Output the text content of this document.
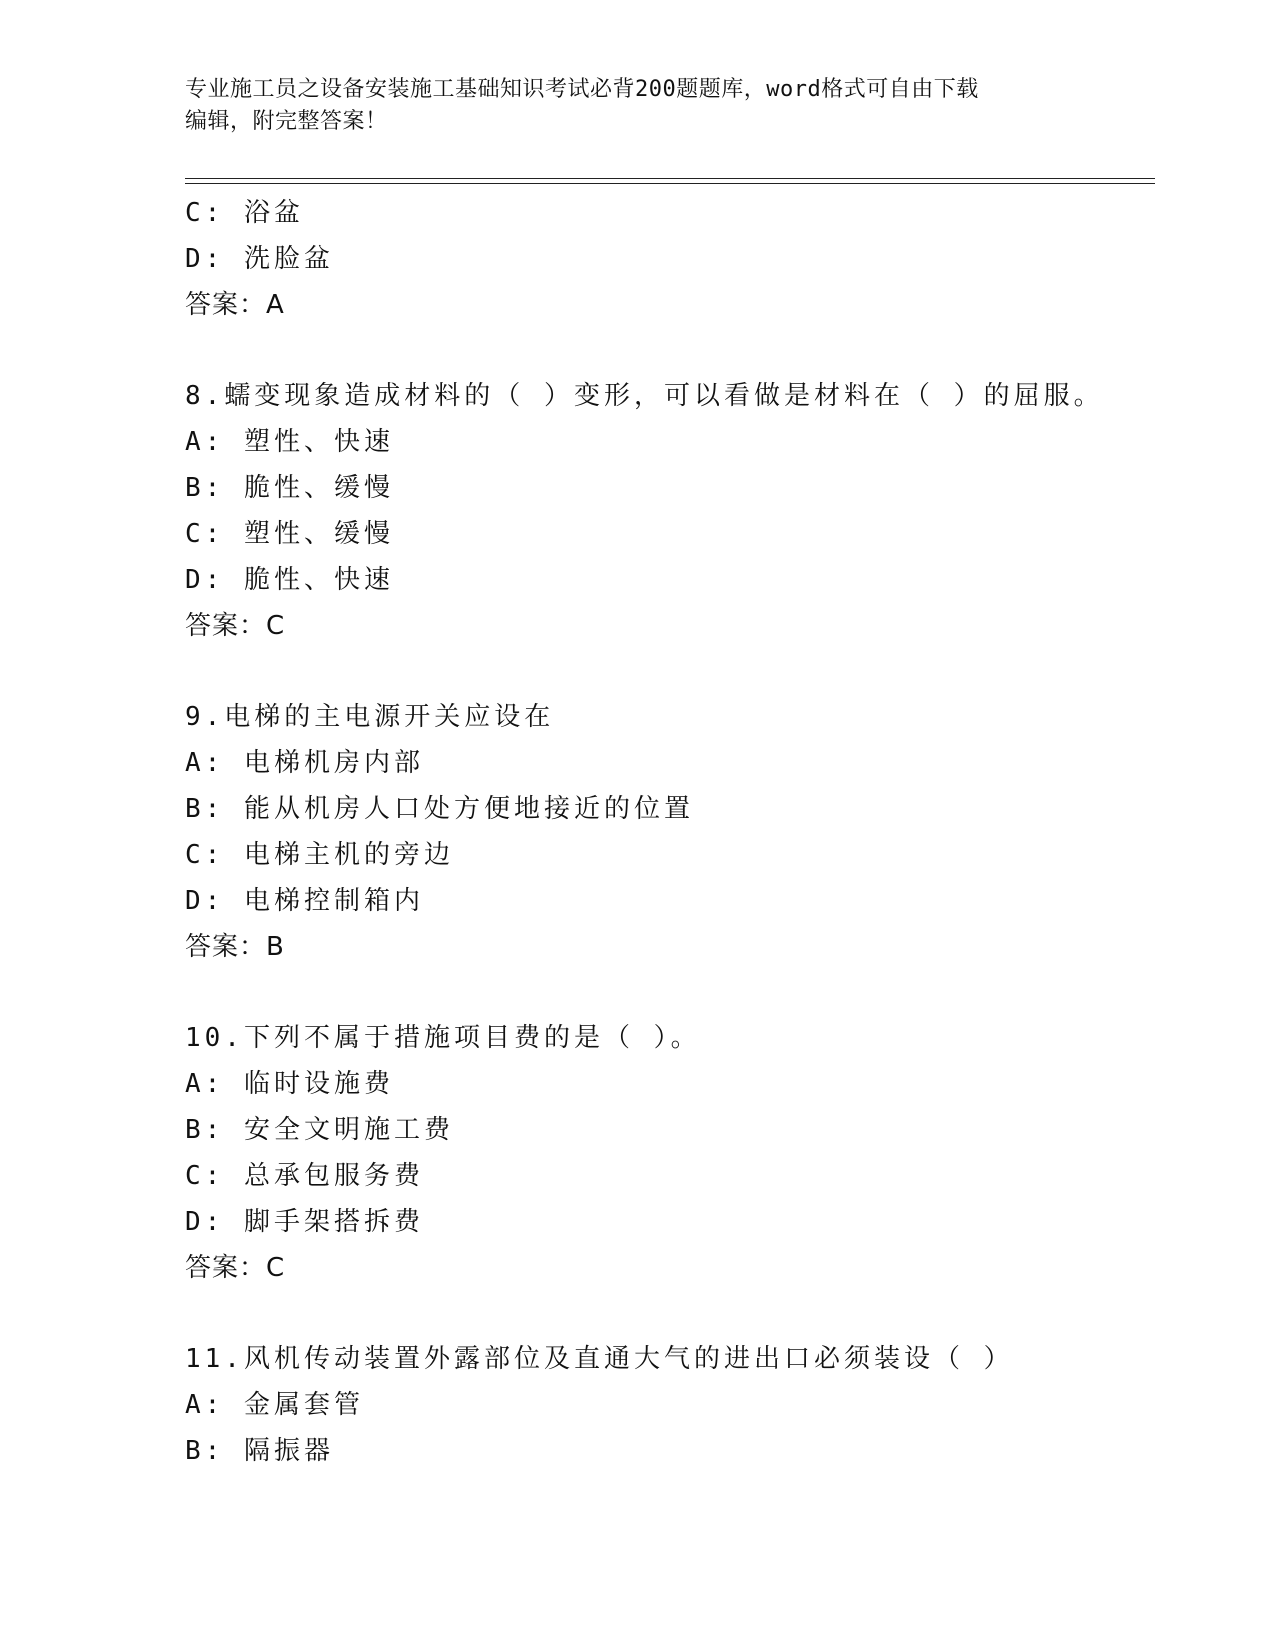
专业施工员之设备安装施工基础知识考试必背200题题库，word格式可自由下载
编辑，附完整答案！
C: 浴盆
D: 洗脸盆
答案：A
8.蠕变现象造成材料的（ ）变形，可以看做是材料在（ ）的屈服。
A: 塑性、快速
B: 脆性、缓慢
C: 塑性、缓慢
D: 脆性、快速
答案：C
9.电梯的主电源开关应设在
A: 电梯机房内部
B: 能从机房人口处方便地接近的位置
C: 电梯主机的旁边
D: 电梯控制箱内
答案：B
10.下列不属于措施项目费的是（ ）。
A: 临时设施费
B: 安全文明施工费
C: 总承包服务费
D: 脚手架搭拆费
答案：C
11.风机传动装置外露部位及直通大气的进出口必须装设（ ）
A: 金属套管
B: 隔振器
